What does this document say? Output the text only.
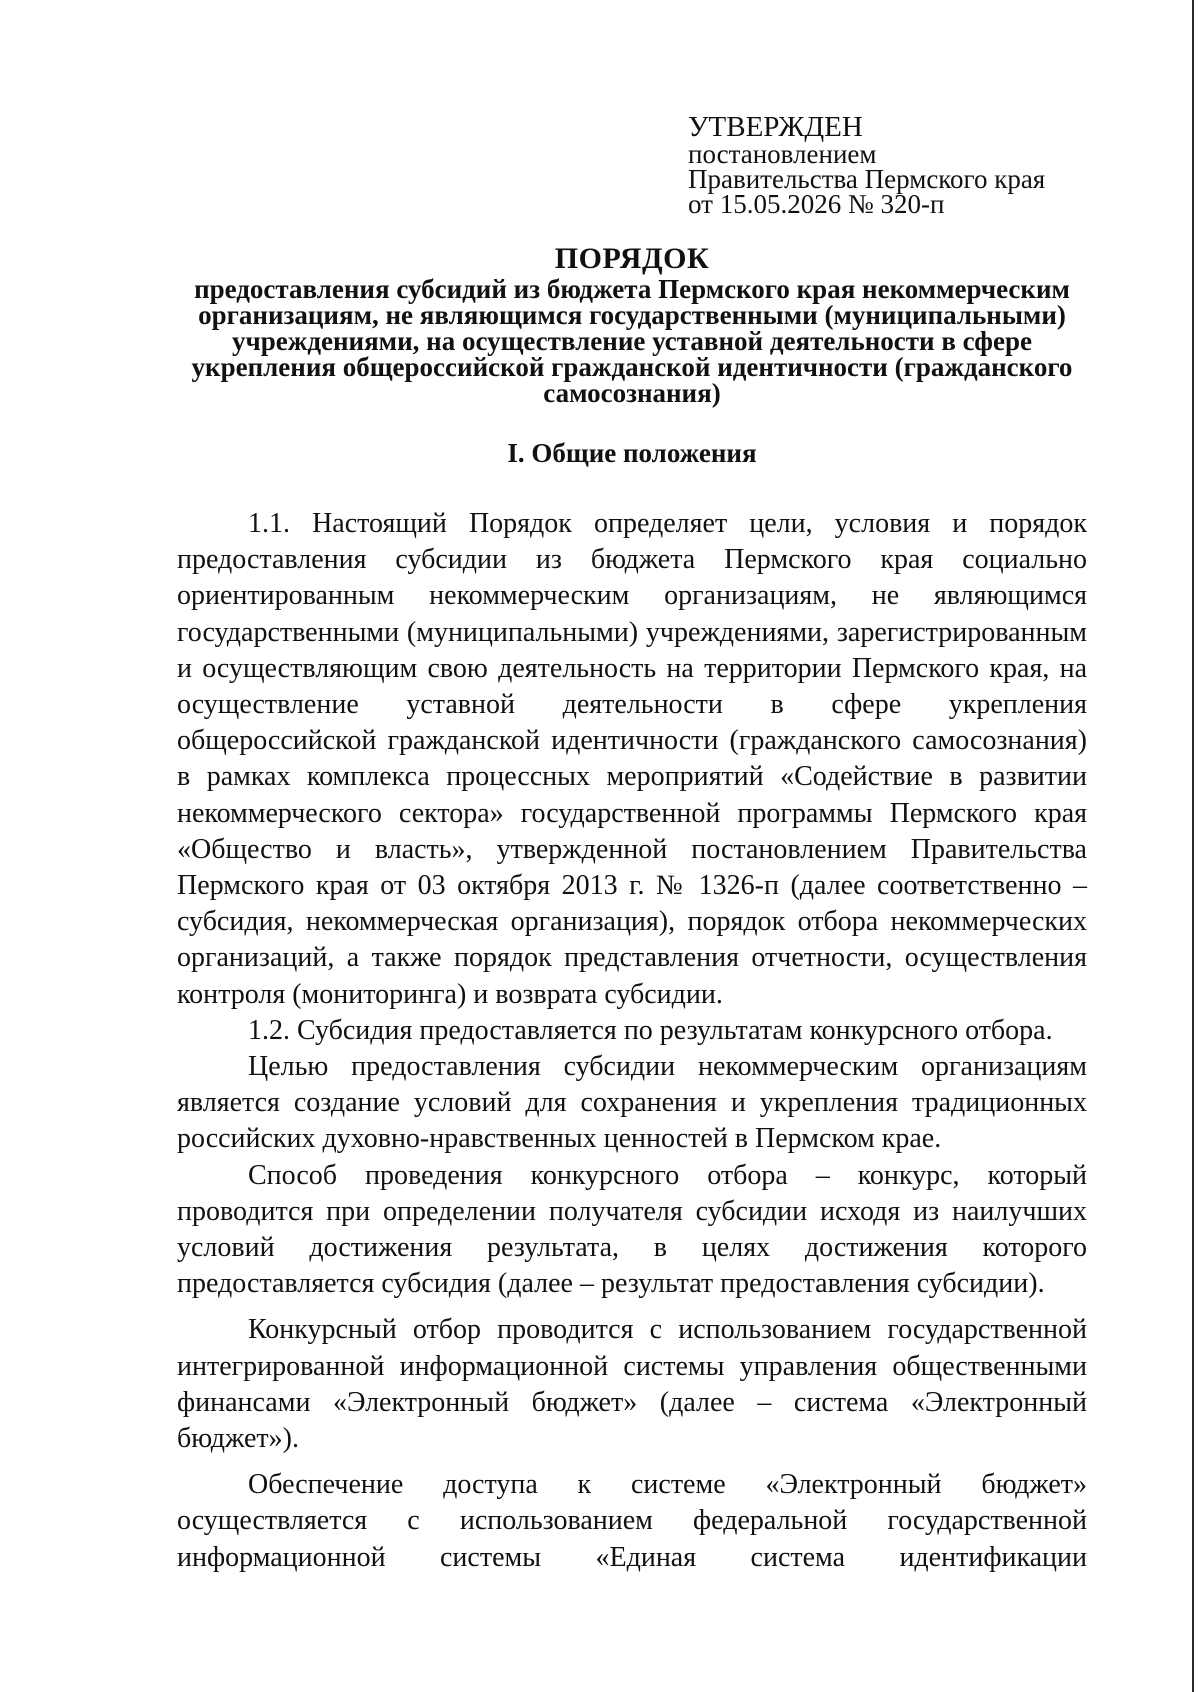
УТВЕРЖДЕН
постановлением
Правительства Пермского края
от 15.05.2026 № 320-п
ПОРЯДОК
предоставления субсидий из бюджета Пермского края некоммерческим организациям, не являющимся государственными (муниципальными) учреждениями, на осуществление уставной деятельности в сфере укрепления общероссийской гражданской идентичности (гражданского самосознания)
I. Общие положения

1.1. Настоящий Порядок определяет цели, условия и порядок предоставления субсидии из бюджета Пермского края социально ориентированным некоммерческим организациям, не являющимся государственными (муниципальными) учреждениями, зарегистрированным и осуществляющим свою деятельность на территории Пермского края, на осуществление уставной деятельности в сфере укрепления общероссийской гражданской идентичности (гражданского самосознания) в рамках комплекса процессных мероприятий «Содействие в развитии некоммерческого сектора» государственной программы Пермского края «Общество и власть», утвержденной постановлением Правительства Пермского края от 03 октября 2013 г. № 1326-п (далее соответственно – субсидия, некоммерческая организация), порядок отбора некоммерческих организаций, а также порядок представления отчетности, осуществления контроля (мониторинга) и возврата субсидии.

1.2. Субсидия предоставляется по результатам конкурсного отбора.

Целью предоставления субсидии некоммерческим организациям является создание условий для сохранения и укрепления традиционных российских духовно-нравственных ценностей в Пермском крае.

Способ проведения конкурсного отбора – конкурс, который проводится при определении получателя субсидии исходя из наилучших условий достижения результата, в целях достижения которого предоставляется субсидия (далее – результат предоставления субсидии).

Конкурсный отбор проводится с использованием государственной интегрированной информационной системы управления общественными финансами «Электронный бюджет» (далее – система «Электронный бюджет»).

Обеспечение доступа к системе «Электронный бюджет» осуществляется с использованием федеральной государственной информационной системы «Единая система идентификации
